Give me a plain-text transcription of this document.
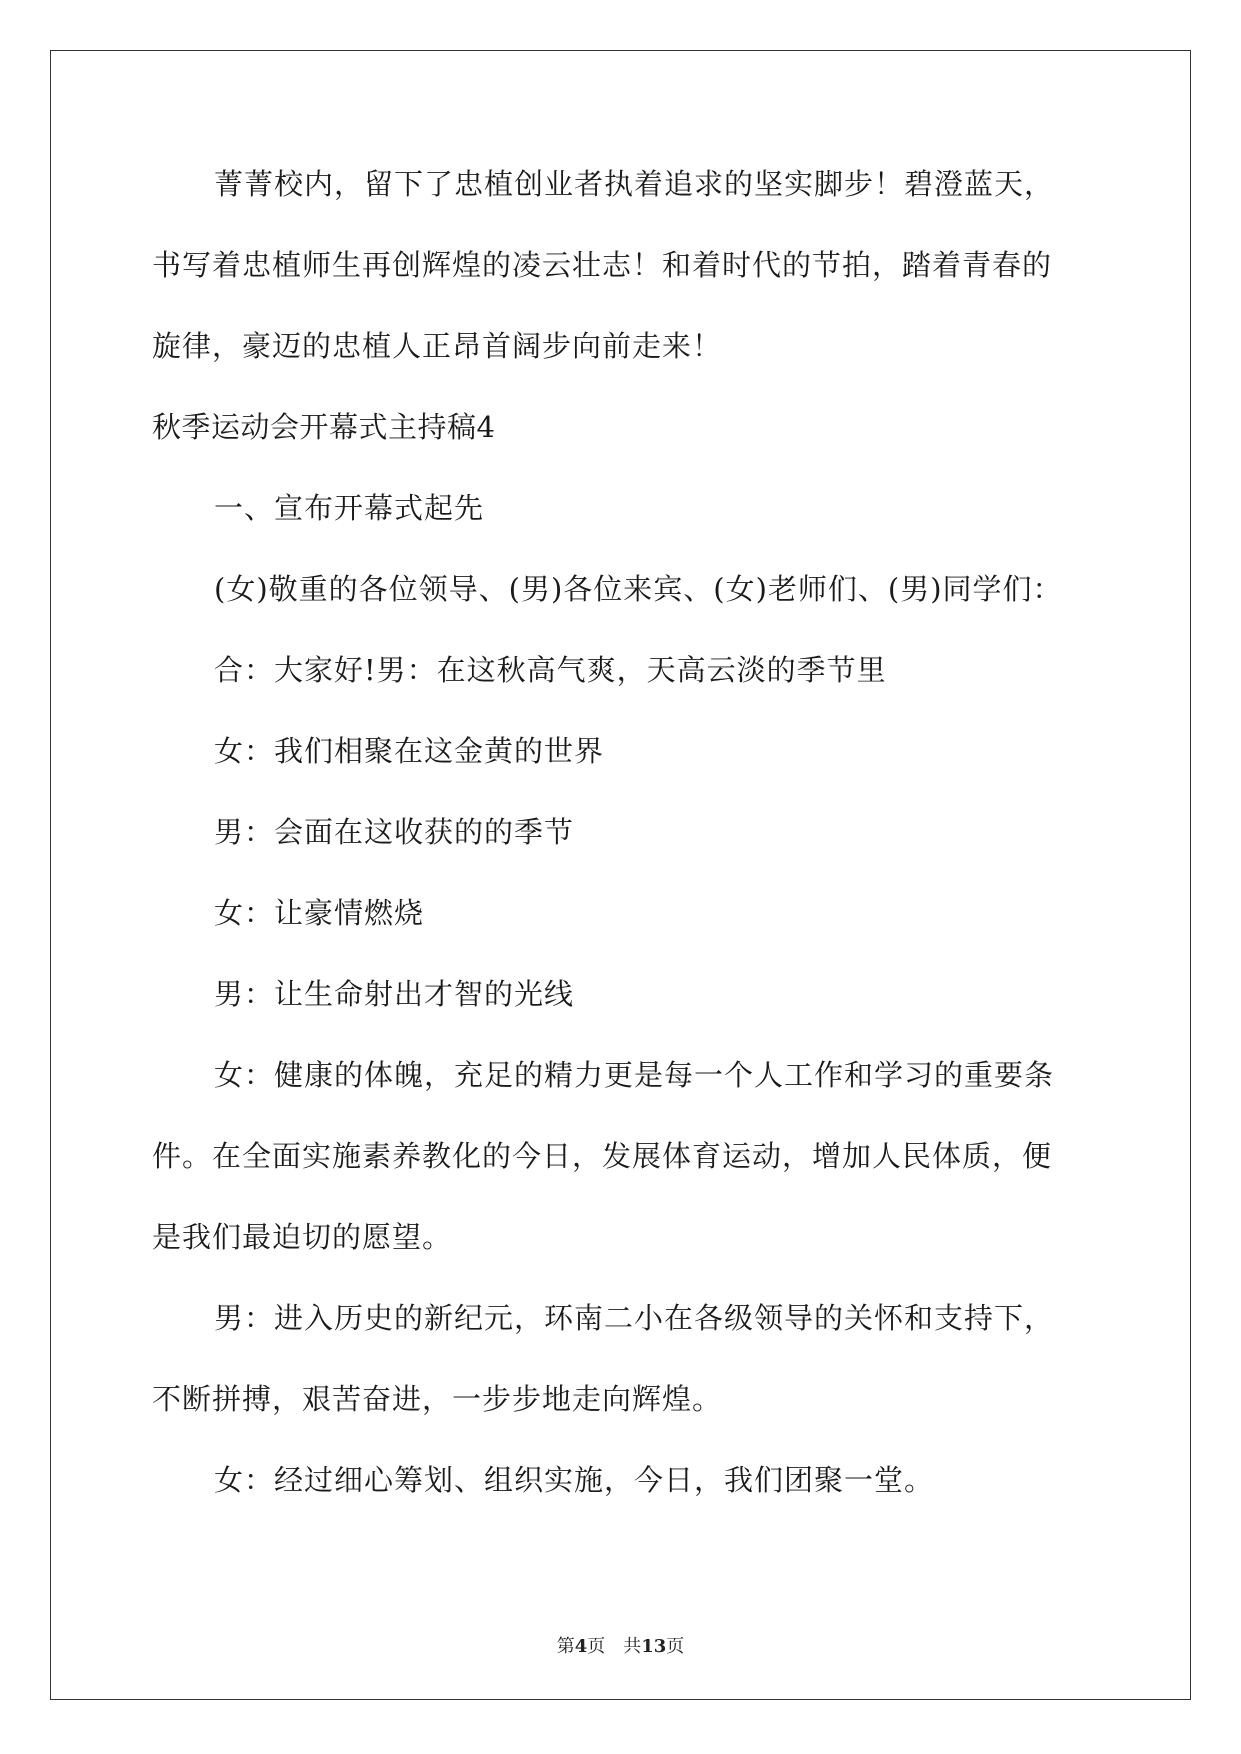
菁菁校内，留下了忠植创业者执着追求的坚实脚步！碧澄蓝天，
书写着忠植师生再创辉煌的凌云壮志！和着时代的节拍，踏着青春的
旋律，豪迈的忠植人正昂首阔步向前走来！
秋季运动会开幕式主持稿4
一、宣布开幕式起先
(女)敬重的各位领导、(男)各位来宾、(女)老师们、(男)同学们：
合：大家好!男：在这秋高气爽，天高云淡的季节里
女：我们相聚在这金黄的世界
男：会面在这收获的的季节
女：让豪情燃烧
男：让生命射出才智的光线
女：健康的体魄，充足的精力更是每一个人工作和学习的重要条
件。在全面实施素养教化的今日，发展体育运动，增加人民体质，便
是我们最迫切的愿望。
男：进入历史的新纪元，环南二小在各级领导的关怀和支持下，
不断拼搏，艰苦奋进，一步步地走向辉煌。
女：经过细心筹划、组织实施，今日，我们团聚一堂。
第4页 共13页
